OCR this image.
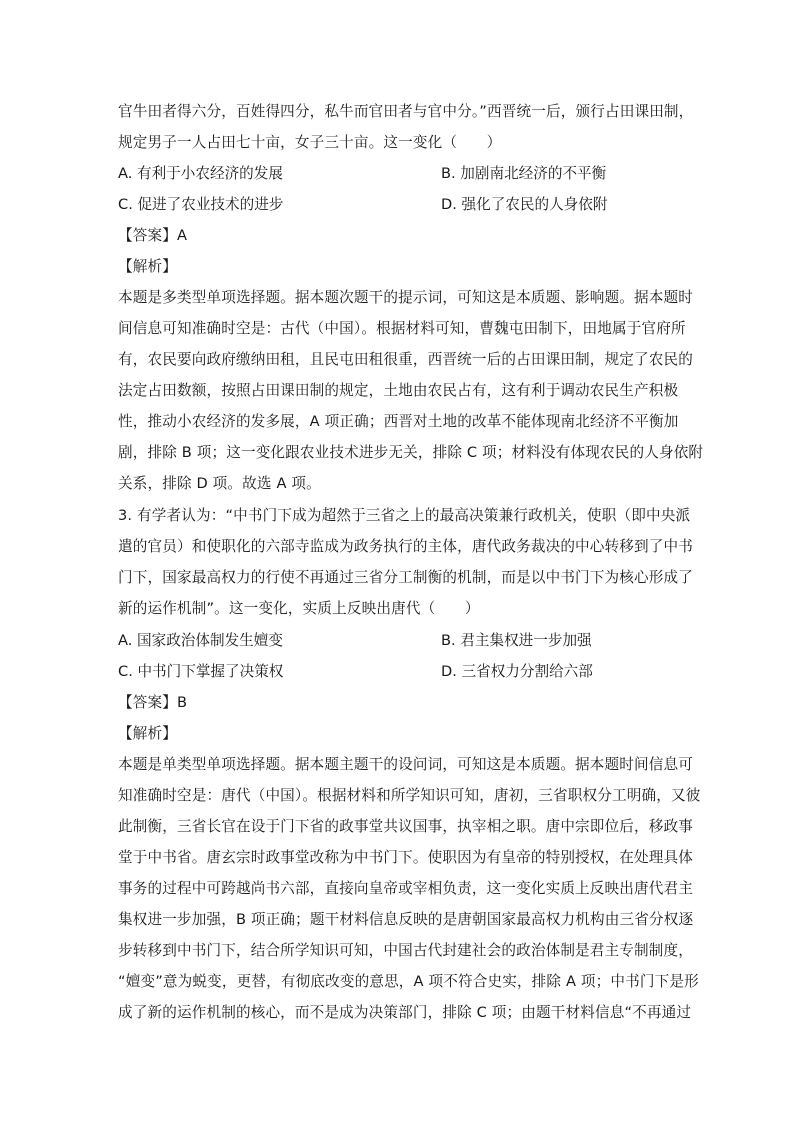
官牛田者得六分，百姓得四分，私牛而官田者与官中分。”西晋统一后，颁行占田课田制，
规定男子一人占田七十亩，女子三十亩。这一变化（　　）
A. 有利于小农经济的发展	B. 加剧南北经济的不平衡
C. 促进了农业技术的进步	D. 强化了农民的人身依附
【答案】A
【解析】
本题是多类型单项选择题。据本题次题干的提示词，可知这是本质题、影响题。据本题时
间信息可知准确时空是：古代（中国）。根据材料可知，曹魏屯田制下，田地属于官府所
有，农民要向政府缴纳田租，且民屯田租很重，西晋统一后的占田课田制，规定了农民的
法定占田数额，按照占田课田制的规定，土地由农民占有，这有利于调动农民生产积极
性，推动小农经济的发多展，A 项正确；西晋对土地的改革不能体现南北经济不平衡加
剧，排除 B 项；这一变化跟农业技术进步无关，排除 C 项；材料没有体现农民的人身依附
关系，排除 D 项。故选 A 项。
3. 有学者认为：“中书门下成为超然于三省之上的最高决策兼行政机关，使职（即中央派
遣的官员）和使职化的六部寺监成为政务执行的主体，唐代政务裁决的中心转移到了中书
门下，国家最高权力的行使不再通过三省分工制衡的机制，而是以中书门下为核心形成了
新的运作机制”。这一变化，实质上反映出唐代（　　）
A. 国家政治体制发生嬗变	B. 君主集权进一步加强
C. 中书门下掌握了决策权	D. 三省权力分割给六部
【答案】B
【解析】
本题是单类型单项选择题。据本题主题干的设问词，可知这是本质题。据本题时间信息可
知准确时空是：唐代（中国）。根据材料和所学知识可知，唐初，三省职权分工明确，又彼
此制衡，三省长官在设于门下省的政事堂共议国事，执宰相之职。唐中宗即位后，移政事
堂于中书省。唐玄宗时政事堂改称为中书门下。使职因为有皇帝的特别授权，在处理具体
事务的过程中可跨越尚书六部，直接向皇帝或宰相负责，这一变化实质上反映出唐代君主
集权进一步加强，B 项正确；题干材料信息反映的是唐朝国家最高权力机构由三省分权逐
步转移到中书门下，结合所学知识可知，中国古代封建社会的政治体制是君主专制制度，
“嬗变”意为蜕变，更替，有彻底改变的意思，A 项不符合史实，排除 A 项；中书门下是形
成了新的运作机制的核心，而不是成为决策部门，排除 C 项；由题干材料信息“不再通过
